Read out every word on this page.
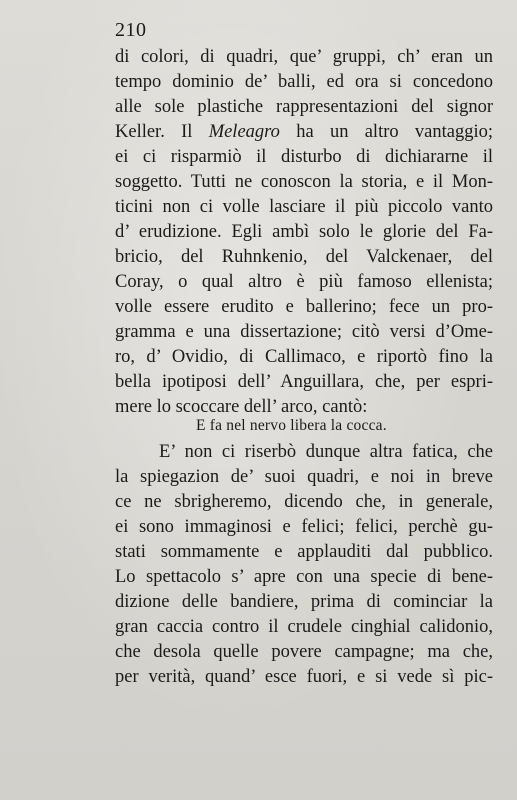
210
di colori, di quadri, que’ gruppi, ch’ eran un
tempo dominio de’ balli, ed ora si concedono
alle sole plastiche rappresentazioni del signor
Keller. Il Meleagro ha un altro vantaggio;
ei ci risparmiò il disturbo di dichiararne il
soggetto. Tutti ne conoscon la storia, e il Mon-
ticini non ci volle lasciare il più piccolo vanto
d’ erudizione. Egli ambì solo le glorie del Fa-
bricio, del Ruhnkenio, del Valckenaer, del
Coray, o qual altro è più famoso ellenista;
volle essere erudito e ballerino; fece un pro-
gramma e una dissertazione; citò versi d’Ome-
ro, d’ Ovidio, di Callimaco, e riportò fino la
bella ipotiposi dell’ Anguillara, che, per espri-
mere lo scoccare dell’ arco, cantò:
E fa nel nervo libera la cocca.
E’ non ci riserbò dunque altra fatica, che
la spiegazion de’ suoi quadri, e noi in breve
ce ne sbrigheremo, dicendo che, in generale,
ei sono immaginosi e felici; felici, perchè gu-
stati sommamente e applauditi dal pubblico.
Lo spettacolo s’ apre con una specie di bene-
dizione delle bandiere, prima di cominciar la
gran caccia contro il crudele cinghial calidonio,
che desola quelle povere campagne; ma che,
per verità, quand’ esce fuori, e si vede sì pic-
